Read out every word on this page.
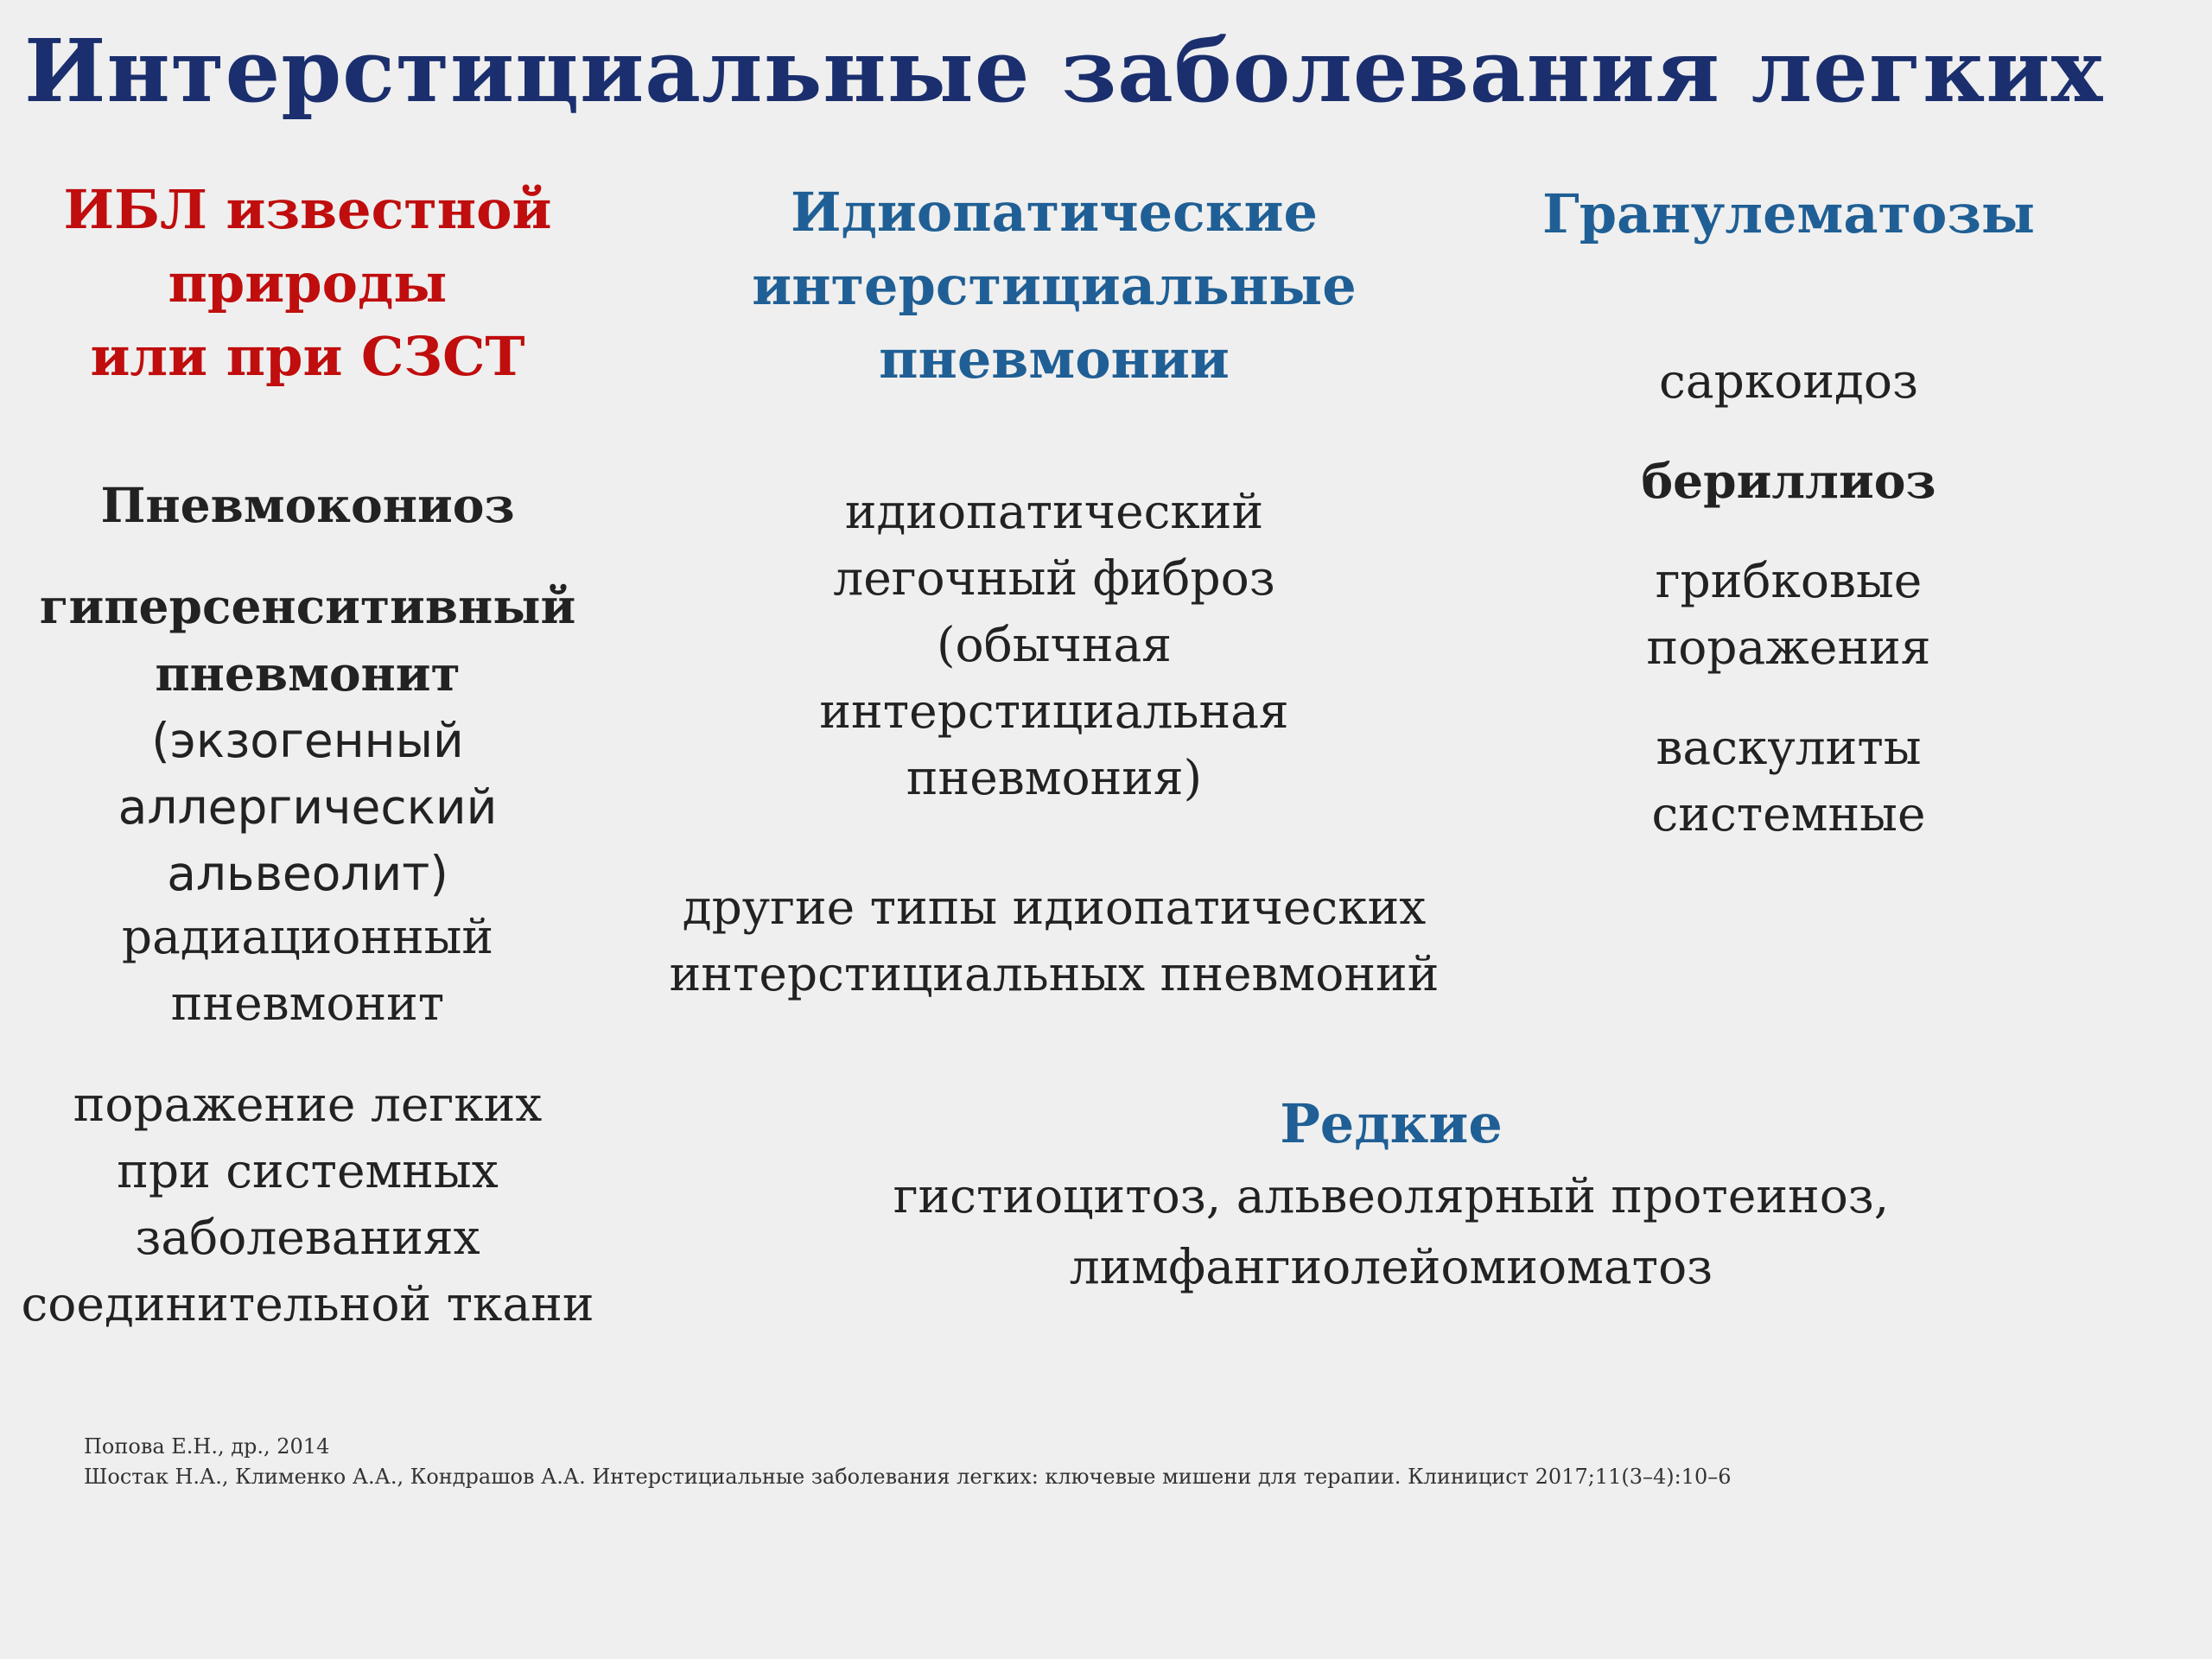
Интерстициальные заболевания легких
ИБЛ известной
природы
или при СЗСТ
Пневмокониоз
гиперсенситивный
пневмонит (экзогенный
аллергический
альвеолит)
радиационный
пневмонит
поражение легких
при системных
заболеваниях
соединительной ткани
Идиопатические
интерстициальные
пневмонии
идиопатический
легочный фиброз
(обычная
интерстициальная
пневмония)
другие типы идиопатических
интерстициальных пневмоний
Гранулематозы
саркоидоз
бериллиоз
грибковые
поражения
васкулиты
системные
Редкие
гистиоцитоз, альвеолярный протеиноз,
лимфангиолейомиоматоз
Попова Е.Н., др., 2014
Шостак Н.А., Клименко А.А., Кондрашов А.А. Интерстициальные заболевания легких: ключевые мишени для терапии. Клиницист 2017;11(3–4):10–6
